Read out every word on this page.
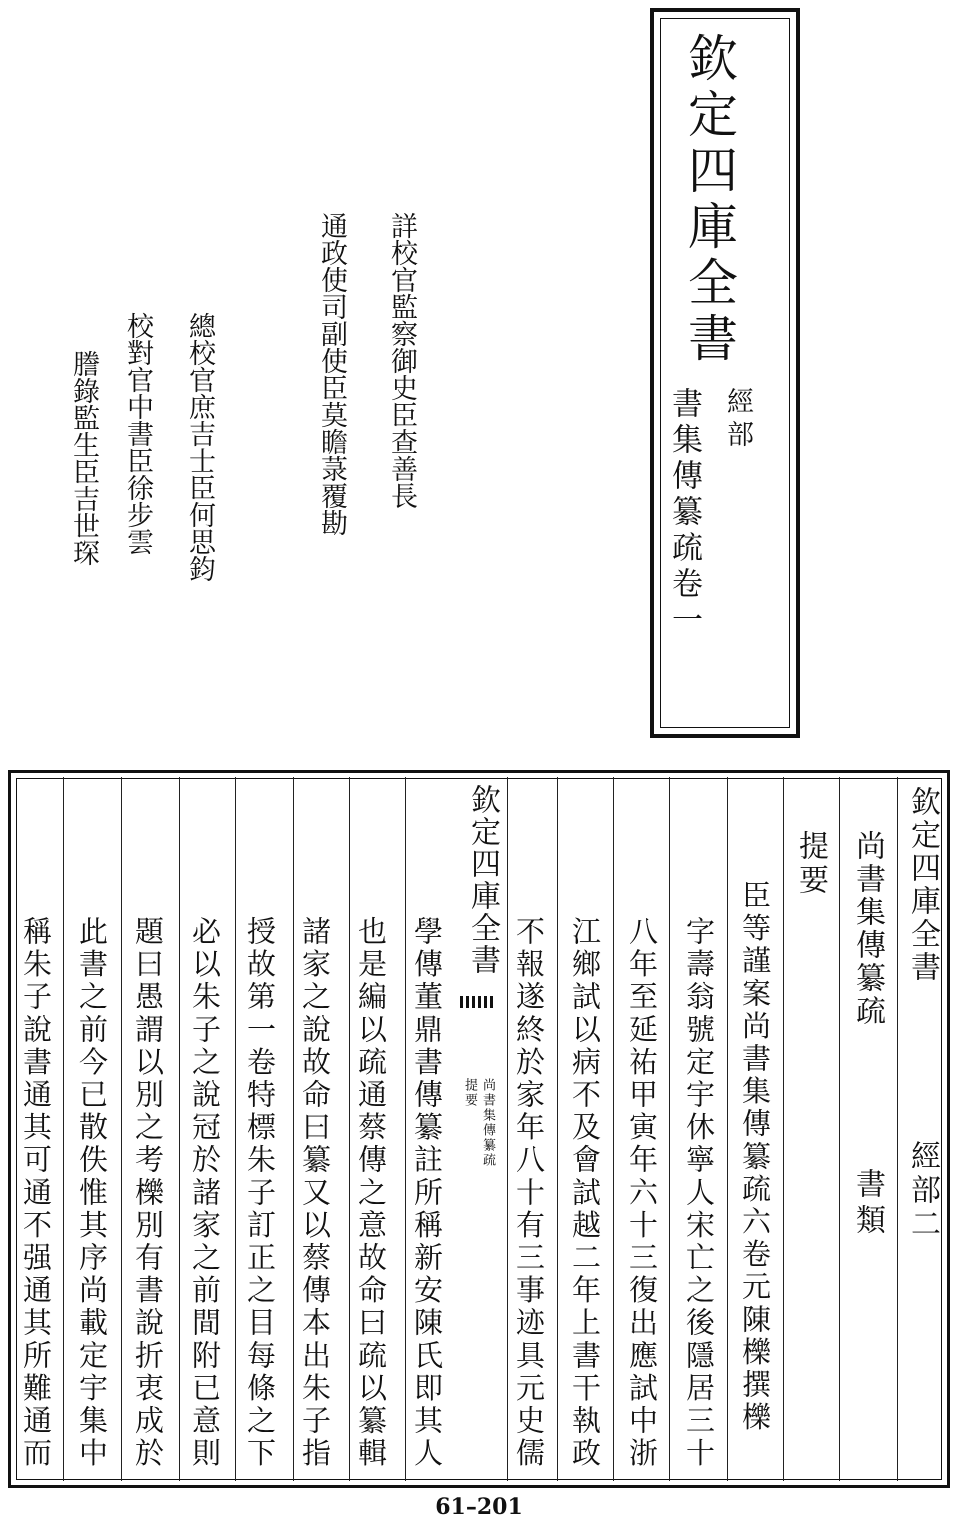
欽定四庫全書
經部
書集傳纂疏卷一
詳校官監察御史臣查善長
通政使司副使臣莫瞻菉覆勘
總校官庶吉士臣何思鈞
校對官中書臣徐步雲
謄錄監生臣吉世琛
欽定四庫全書
經部二
尚書集傳纂疏
書類
提要
臣等謹案尚書集傳纂疏六卷元陳櫟撰櫟
字壽翁號定宇休寧人宋亡之後隱居三十
八年至延祐甲寅年六十三復出應試中浙
江鄉試以病不及會試越二年上書干執政
不報遂終於家年八十有三事迹具元史儒
欽定四庫全書
尚書集傳纂疏
提要
學傳董鼎書傳纂註所稱新安陳氏即其人
也是編以疏通蔡傳之意故命曰疏以纂輯
諸家之說故命曰纂又以蔡傳本出朱子指
授故第一卷特標朱子訂正之目每條之下
必以朱子之說冠於諸家之前間附已意則
題曰愚謂以別之考櫟別有書說折衷成於
此書之前今已散佚惟其序尚載定宇集中
稱朱子說書通其可通不强通其所難通而
61–201
